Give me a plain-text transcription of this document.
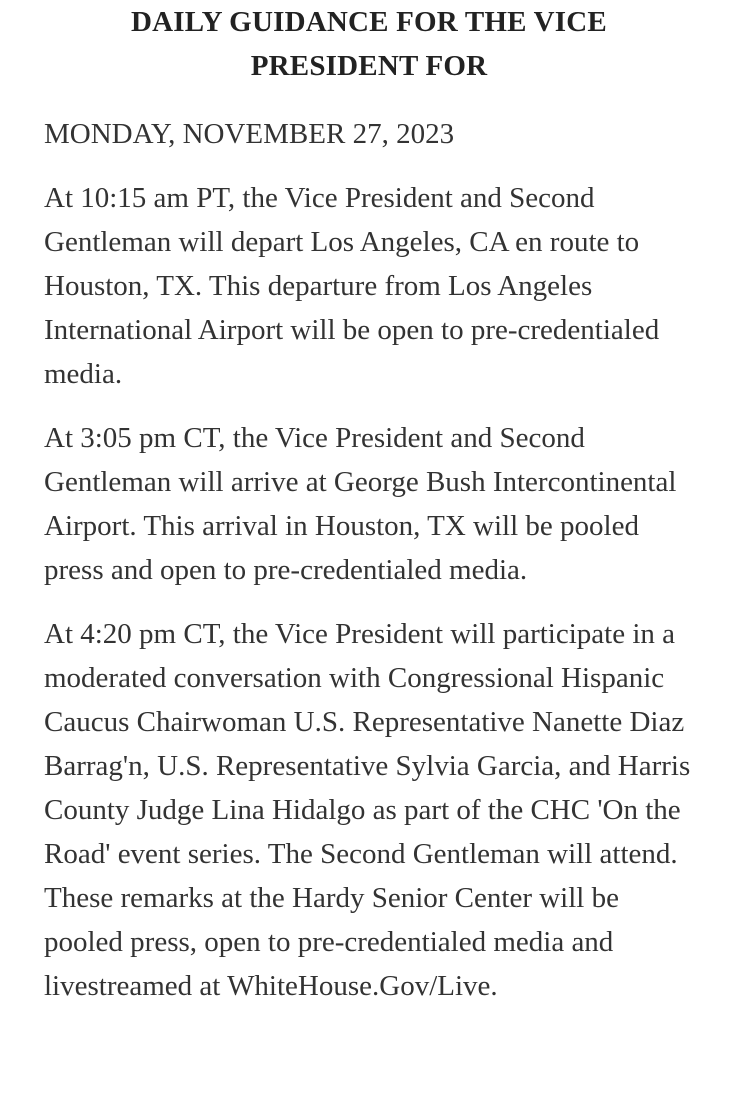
DAILY GUIDANCE FOR THE VICE
PRESIDENT FOR

MONDAY, NOVEMBER 27, 2023

At 10:15 am PT, the Vice President and Second Gentleman will depart Los Angeles, CA en route to Houston, TX. This departure from Los Angeles International Airport will be open to pre-credentialed media.

At 3:05 pm CT, the Vice President and Second Gentleman will arrive at George Bush Intercontinental Airport. This arrival in Houston, TX will be pooled press and open to pre-credentialed media.

At 4:20 pm CT, the Vice President will participate in a moderated conversation with Congressional Hispanic Caucus Chairwoman U.S. Representative Nanette Diaz Barrag'n, U.S. Representative Sylvia Garcia, and Harris County Judge Lina Hidalgo as part of the CHC 'On the Road' event series. The Second Gentleman will attend. These remarks at the Hardy Senior Center will be pooled press, open to pre-credentialed media and livestreamed at WhiteHouse.Gov/Live.
